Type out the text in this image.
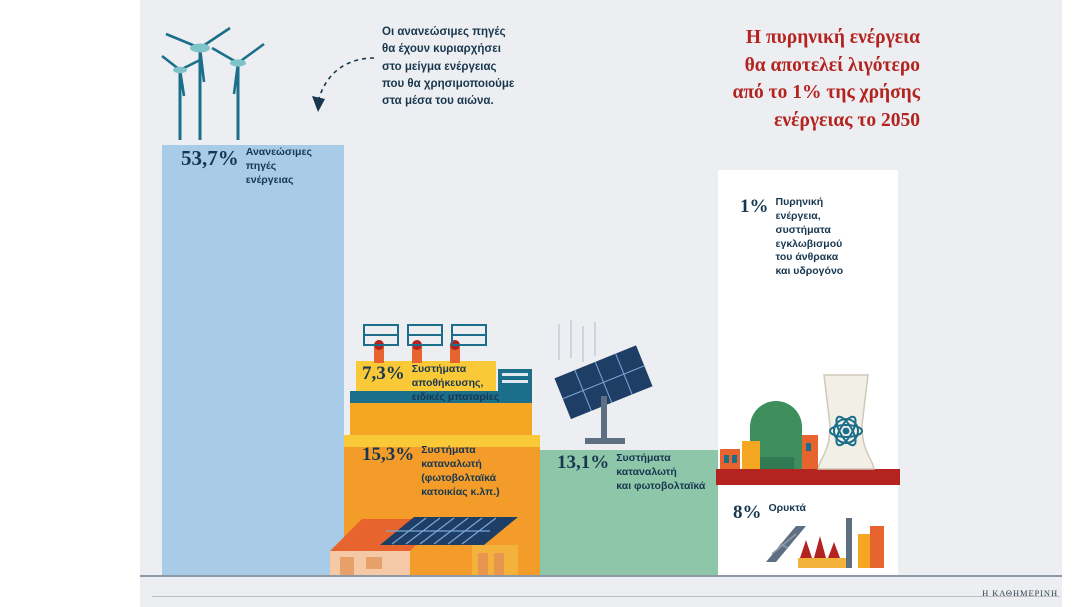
53,7% Ανανεώσιμες
πηγές
ενέργειας
7,3% Συστήματα
αποθήκευσης,
ειδικές μπαταρίες
15,3% Συστήματα
καταναλωτή
(φωτοβολταϊκά
κατοικίας κ.λπ.)
13,1% Συστήματα
καταναλωτή
και φωτοβολταϊκά
1% Πυρηνική
ενέργεια,
συστήματα
εγκλωβισμού
του άνθρακα
και υδρογόνο
8% Ορυκτά
Οι ανανεώσιμες πηγές
θα έχουν κυριαρχήσει
στο μείγμα ενέργειας
που θα χρησιμοποιούμε
στα μέσα του αιώνα.
Η πυρηνική ενέργεια
θα αποτελεί λιγότερο
από το 1% της χρήσης
ενέργειας το 2050
Η ΚΑΘΗΜΕΡΙΝΗ
